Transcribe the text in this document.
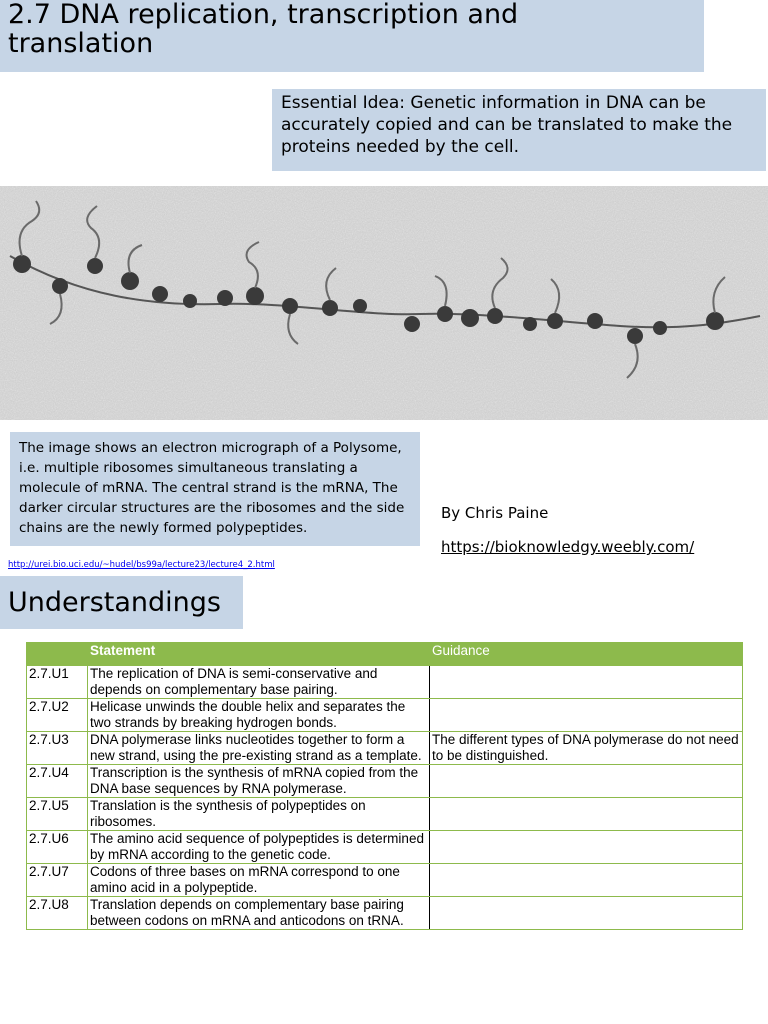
2.7 DNA replication, transcription and
translation
Essential Idea: Genetic information in DNA can be accurately copied and can be translated to make the proteins needed by the cell.
The image shows an electron micrograph of a Polysome, i.e. multiple ribosomes simultaneous translating a molecule of mRNA. The central strand is the mRNA, The darker circular structures are the ribosomes and the side chains are the newly formed polypeptides.
http://urei.bio.uci.edu/~hudel/bs99a/lecture23/lecture4_2.html
By Chris Paine
https://bioknowledgy.weebly.com/
Understandings
	Statement	Guidance
2.7.U1	The replication of DNA is semi-conservative and depends on complementary base pairing.	
2.7.U2	Helicase unwinds the double helix and separates the two strands by breaking hydrogen bonds.	
2.7.U3	DNA polymerase links nucleotides together to form a new strand, using the pre-existing strand as a template.	The different types of DNA polymerase do not need to be distinguished.
2.7.U4	Transcription is the synthesis of mRNA copied from the DNA base sequences by RNA polymerase.	
2.7.U5	Translation is the synthesis of polypeptides on ribosomes.	
2.7.U6	The amino acid sequence of polypeptides is determined by mRNA according to the genetic code.	
2.7.U7	Codons of three bases on mRNA correspond to one amino acid in a polypeptide.	
2.7.U8	Translation depends on complementary base pairing between codons on mRNA and anticodons on tRNA.	
